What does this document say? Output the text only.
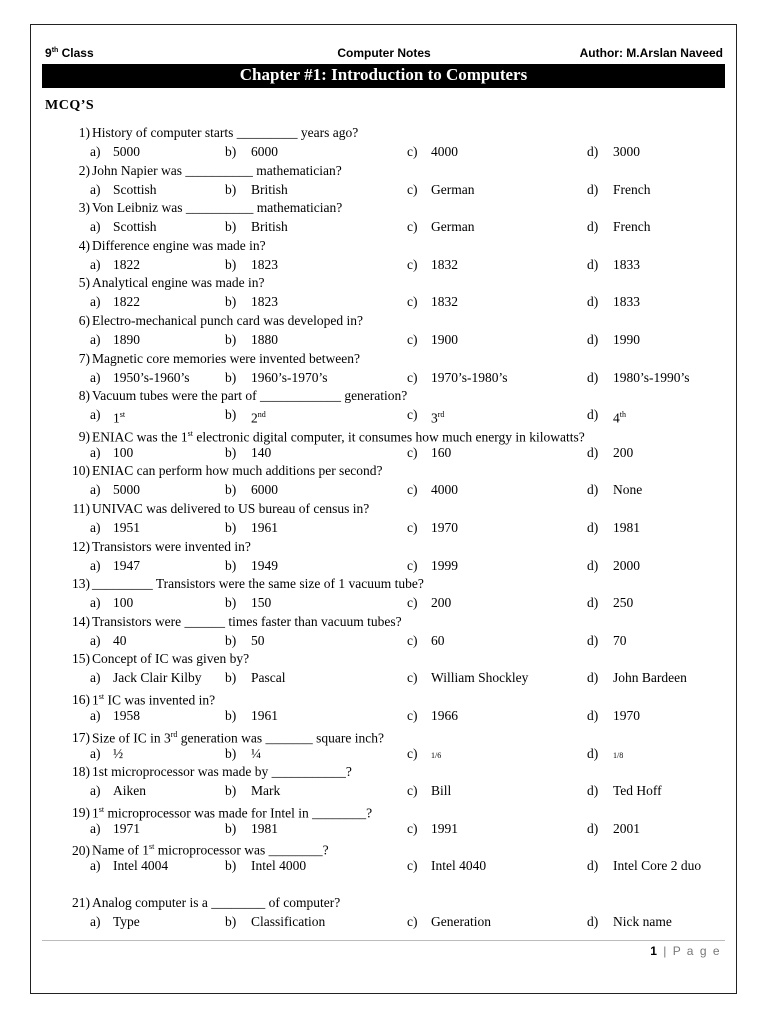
9th Class	Computer Notes	Author: M.Arslan Naveed
Chapter #1: Introduction to Computers
MCQ’S
1) History of computer starts _________ years ago?
a) 5000	b) 6000	c) 4000	d) 3000
2) John Napier was __________ mathematician?
a) Scottish	b) British	c) German	d) French
3) Von Leibniz was __________ mathematician?
a) Scottish	b) British	c) German	d) French
4) Difference engine was made in?
a) 1822	b) 1823	c) 1832	d) 1833
5) Analytical engine was made in?
a) 1822	b) 1823	c) 1832	d) 1833
6) Electro-mechanical punch card was developed in?
a) 1890	b) 1880	c) 1900	d) 1990
7) Magnetic core memories were invented between?
a) 1950’s-1960’s	b) 1960’s-1970’s	c) 1970’s-1980’s	d) 1980’s-1990’s
8) Vacuum tubes were the part of ____________ generation?
a) 1st	b) 2nd	c) 3rd	d) 4th
9) ENIAC was the 1st electronic digital computer, it consumes how much energy in kilowatts?
a) 100	b) 140	c) 160	d) 200
10) ENIAC can perform how much additions per second?
a) 5000	b) 6000	c) 4000	d) None
11) UNIVAC was delivered to US bureau of census in?
a) 1951	b) 1961	c) 1970	d) 1981
12) Transistors were invented in?
a) 1947	b) 1949	c) 1999	d) 2000
13) _________ Transistors were the same size of 1 vacuum tube?
a) 100	b) 150	c) 200	d) 250
14) Transistors were ______ times faster than vacuum tubes?
a) 40	b) 50	c) 60	d) 70
15) Concept of IC was given by?
a) Jack Clair Kilby b) Pascal	c) William Shockley	d) John Bardeen
16) 1st IC was invented in?
a) 1958	b) 1961	c) 1966	d) 1970
17) Size of IC in 3rd generation was _______ square inch?
a) ½	b) ¼	c) 1/6	d) 1/8
18) 1st microprocessor was made by ___________?
a) Aiken	b) Mark	c) Bill	d) Ted Hoff
19) 1st microprocessor was made for Intel in ________?
a) 1971	b) 1981	c) 1991	d) 2001
20) Name of 1st microprocessor was ________?
a) Intel 4004	b) Intel 4000	c) Intel 4040	d) Intel Core 2 duo
21) Analog computer is a ________ of computer?
a) Type	b) Classification	c) Generation	d) Nick name
1 | P a g e
